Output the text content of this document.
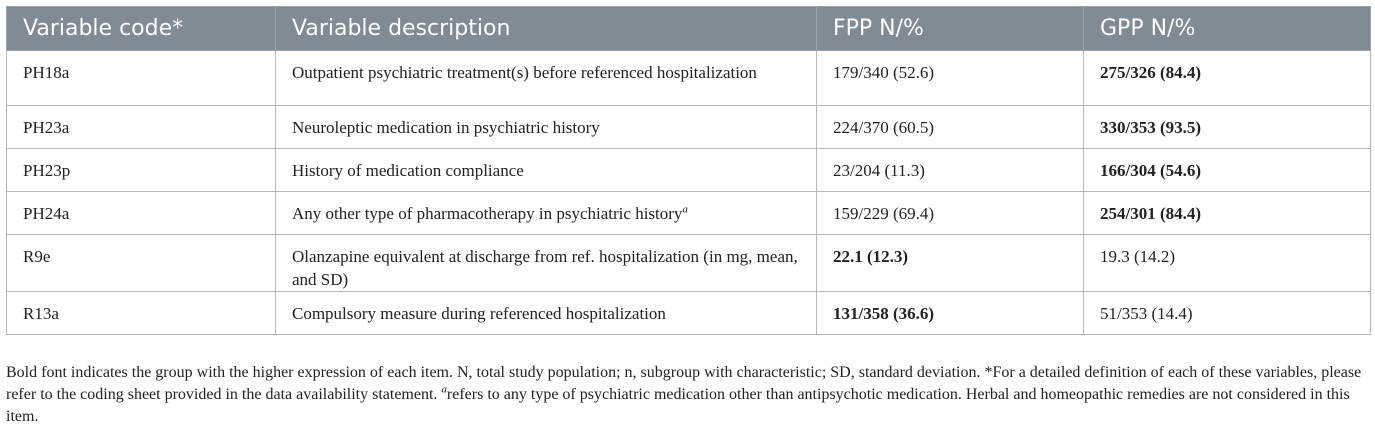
Variable code*	Variable description	FPP N/%	GPP N/%
PH18a	Outpatient psychiatric treatment(s) before referenced hospitalization	179/340 (52.6)	275/326 (84.4)
PH23a	Neuroleptic medication in psychiatric history	224/370 (60.5)	330/353 (93.5)
PH23p	History of medication compliance	23/204 (11.3)	166/304 (54.6)
PH24a	Any other type of pharmacotherapy in psychiatric history$^a$	159/229 (69.4)	254/301 (84.4)
R9e	Olanzapine equivalent at discharge from ref. hospitalization (in mg, mean, and SD)	22.1 (12.3)	19.3 (14.2)
R13a	Compulsory measure during referenced hospitalization	131/358 (36.6)	51/353 (14.4)

Bold font indicates the group with the higher expression of each item. N, total study population; n, subgroup with characteristic; SD, standard deviation. *For a detailed definition of each of these variables, please refer to the coding sheet provided in the data availability statement. $^a$refers to any type of psychiatric medication other than antipsychotic medication. Herbal and homeopathic remedies are not considered in this item.
